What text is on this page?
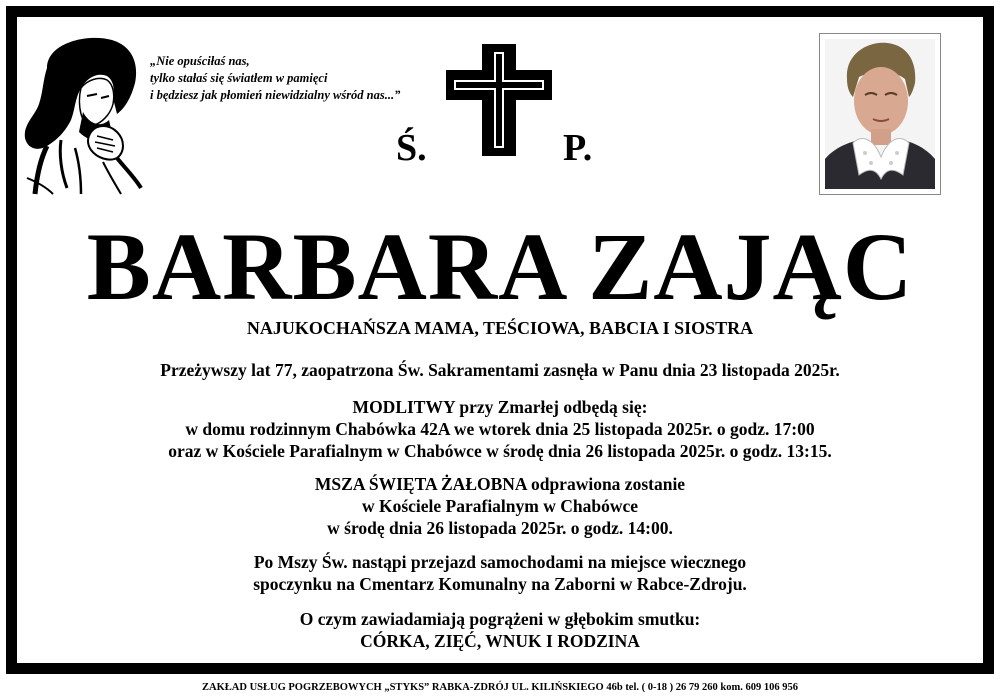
„Nie opuściłaś nas,
tylko stałaś się światłem w pamięci
i będziesz jak płomień niewidzialny wśród nas...”
Ś.	P.
BARBARA ZAJĄC
NAJUKOCHAŃSZA MAMA, TEŚCIOWA, BABCIA I SIOSTRA
Przeżywszy lat 77, zaopatrzona Św. Sakramentami zasnęła w Panu dnia 23 listopada 2025r.
MODLITWY przy Zmarłej odbędą się:
w domu rodzinnym Chabówka 42A we wtorek dnia 25 listopada 2025r. o godz. 17:00
oraz w Kościele Parafialnym w Chabówce w środę dnia 26 listopada 2025r. o godz. 13:15.
MSZA ŚWIĘTA ŻAŁOBNA odprawiona zostanie
w Kościele Parafialnym w Chabówce
w środę dnia 26 listopada 2025r. o godz. 14:00.
Po Mszy Św. nastąpi przejazd samochodami na miejsce wiecznego
spoczynku na Cmentarz Komunalny na Zaborni w Rabce-Zdroju.
O czym zawiadamiają pogrążeni w głębokim smutku:
CÓRKA, ZIĘĆ, WNUK I RODZINA
ZAKŁAD USŁUG POGRZEBOWYCH „STYKS” RABKA-ZDRÓJ UL. KILIŃSKIEGO 46b tel. ( 0-18 ) 26 79 260 kom. 609 106 956
